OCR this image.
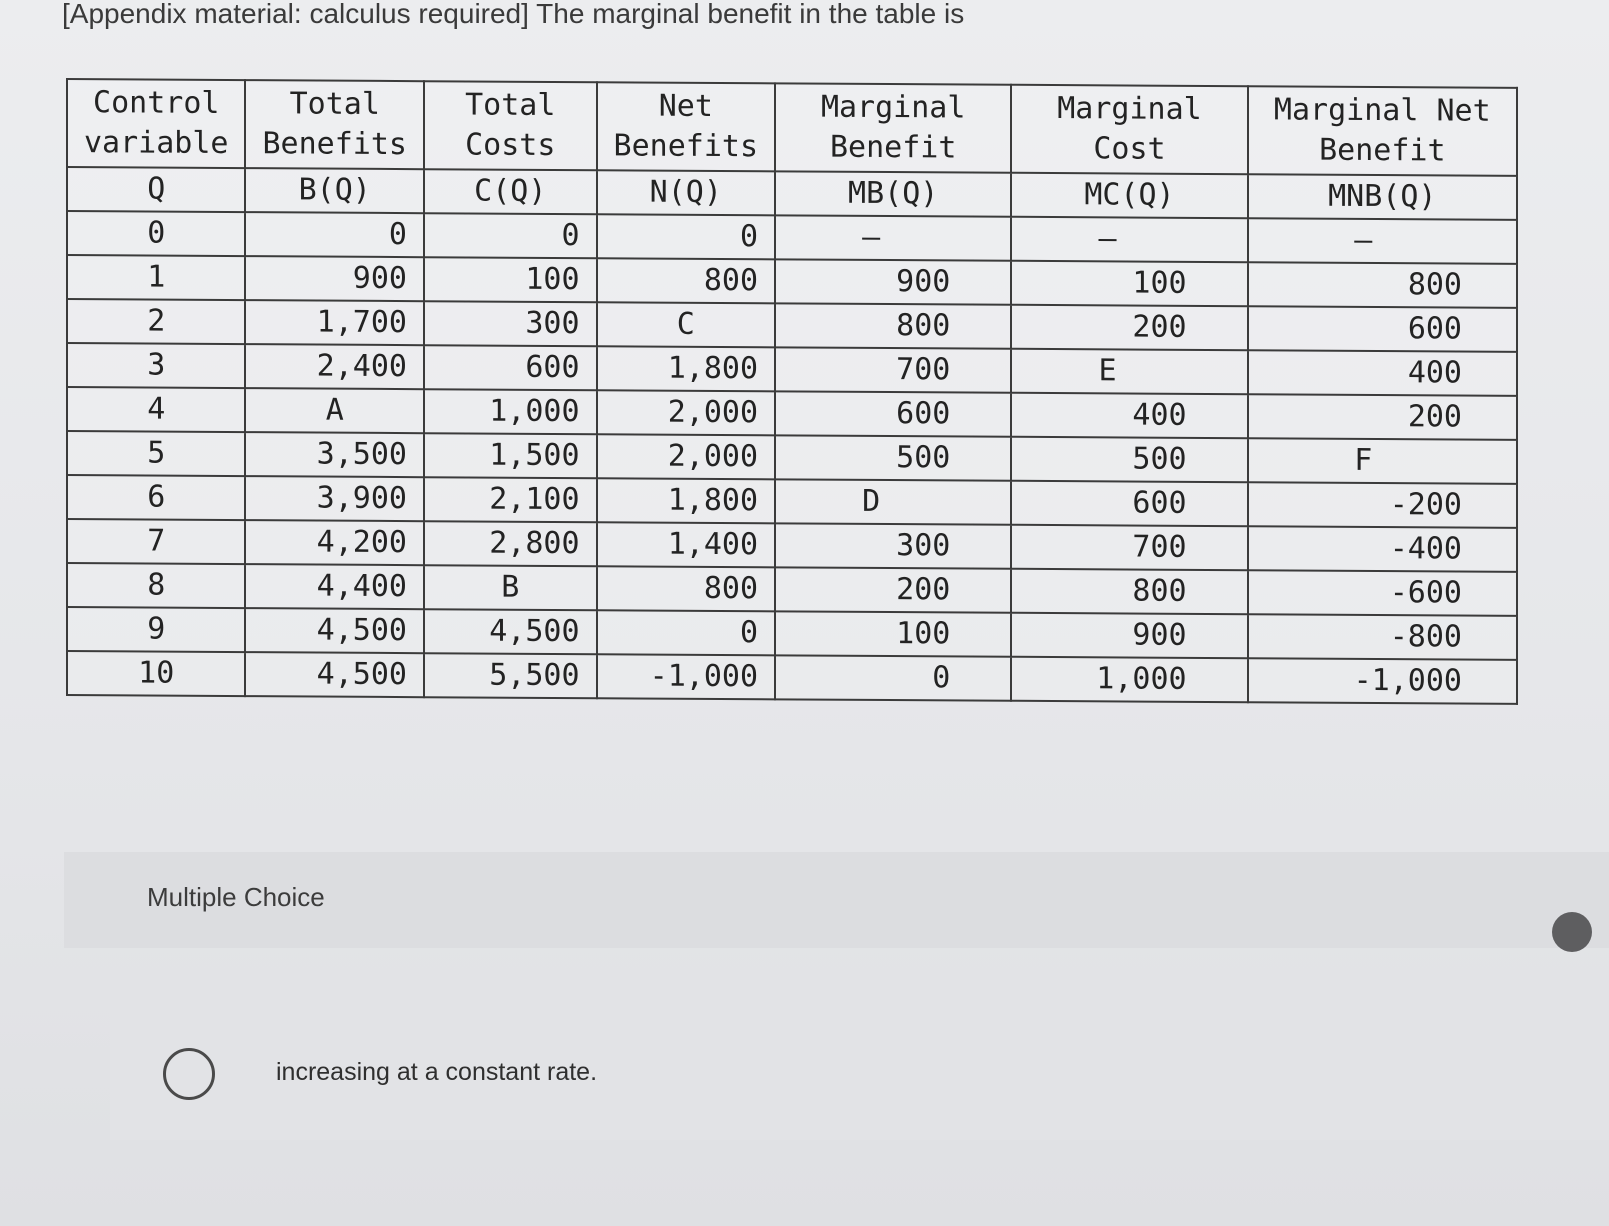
[Appendix material: calculus required] The marginal benefit in the table is
Control variable	Total Benefits	Total Costs	Net Benefits	Marginal Benefit	Marginal Cost	Marginal Net Benefit
Q	B(Q)	C(Q)	N(Q)	MB(Q)	MC(Q)	MNB(Q)
0	0	0	0	–	–	–
1	900	100	800	900	100	800
2	1,700	300	C	800	200	600
3	2,400	600	1,800	700	E	400
4	A	1,000	2,000	600	400	200
5	3,500	1,500	2,000	500	500	F
6	3,900	2,100	1,800	D	600	-200
7	4,200	2,800	1,400	300	700	-400
8	4,400	B	800	200	800	-600
9	4,500	4,500	0	100	900	-800
10	4,500	5,500	-1,000	0	1,000	-1,000
Multiple Choice
increasing at a constant rate.
